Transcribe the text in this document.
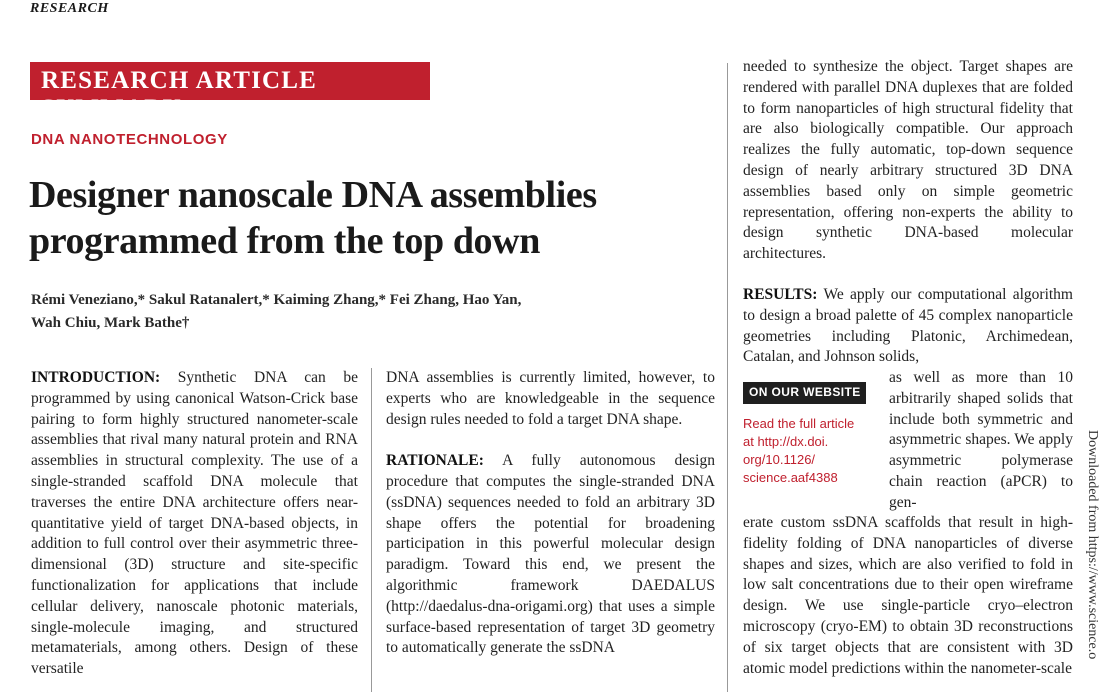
RESEARCH
RESEARCH ARTICLE SUMMARY
DNA NANOTECHNOLOGY
Designer nanoscale DNA assemblies
programmed from the top down
Rémi Veneziano,* Sakul Ratanalert,* Kaiming Zhang,* Fei Zhang, Hao Yan,
Wah Chiu, Mark Bathe†

INTRODUCTION: Synthetic DNA can be programmed by using canonical Watson-Crick base pairing to form highly structured nanometer-scale assemblies that rival many natural protein and RNA assemblies in structural complexity. The use of a single-stranded scaffold DNA molecule that traverses the entire DNA architecture offers near-quantitative yield of target DNA-based objects, in addition to full control over their asymmetric three-dimensional (3D) structure and site-specific functionalization for applications that include cellular delivery, nanoscale photonic materials, single-molecule imaging, and structured metamaterials, among others. Design of these versatile

DNA assemblies is currently limited, however, to experts who are knowledgeable in the sequence design rules needed to fold a target DNA shape.

RATIONALE: A fully autonomous design procedure that computes the single-stranded DNA (ssDNA) sequences needed to fold an arbitrary 3D shape offers the potential for broadening participation in this powerful molecular design paradigm. Toward this end, we present the algorithmic framework DAEDALUS (http://daedalus-dna-origami.org) that uses a simple surface-based representation of target 3D geometry to automatically generate the ssDNA

needed to synthesize the object. Target shapes are rendered with parallel DNA duplexes that are folded to form nanoparticles of high structural fidelity that are also biologically compatible. Our approach realizes the fully automatic, top-down sequence design of nearly arbitrary structured 3D DNA assemblies based only on simple geometric representation, offering non-experts the ability to design synthetic DNA-based molecular architectures.

RESULTS: We apply our computational algorithm to design a broad palette of 45 complex nanoparticle geometries including Platonic, Archimedean, Catalan, and Johnson solids,

ON OUR WEBSITE
Read the full article
at http://dx.doi.
org/10.1126/
science.aaf4388
as well as more than 10 arbitrarily shaped solids that include both symmetric and asymmetric shapes. We apply asymmetric polymerase chain reaction (aPCR) to gen-
erate custom ssDNA scaffolds that result in high-fidelity folding of DNA nanoparticles of diverse shapes and sizes, which are also verified to fold in low salt concentrations due to their open wireframe design. We use single-particle cryo–electron microscopy (cryo-EM) to obtain 3D reconstructions of six target objects that are consistent with 3D atomic model predictions within the nanometer-scale
Downloaded from https://www.science.o
